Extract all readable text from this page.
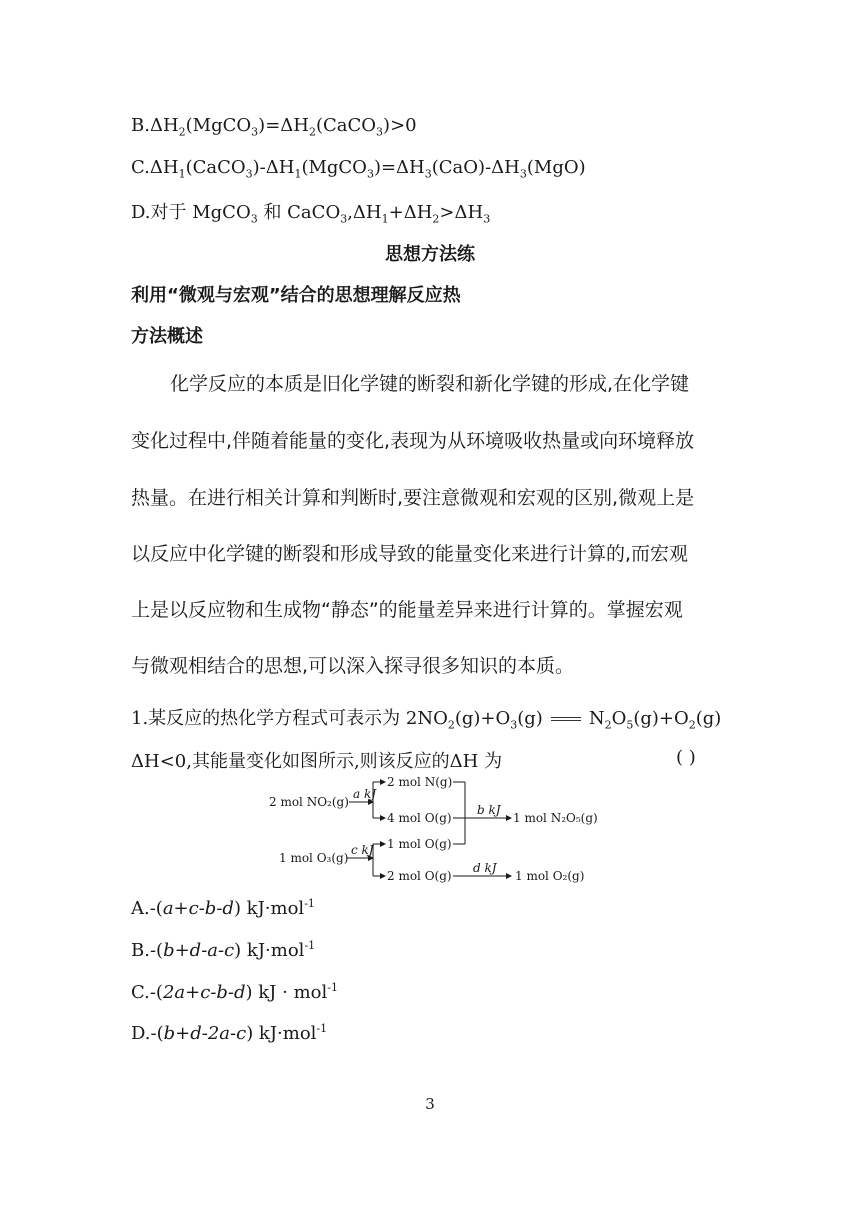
$B.\Delta H_2(MgCO_3)=\Delta H_2(CaCO_3)>0$
$C.\Delta H_1(CaCO_3)-\Delta H_1(MgCO_3)=\Delta H_3(CaO)-\Delta H_3(MgO)$
D.对于 MgCO$_3$ 和 $CaCO_3,\Delta H_1+\Delta H_2>\Delta H_3$
思想方法练
利用“微观与宏观”结合的思想理解反应热
方法概述
化学反应的本质是旧化学键的断裂和新化学键的形成,在化学键
变化过程中,伴随着能量的变化,表现为从环境吸收热量或向环境释放
热量。在进行相关计算和判断时,要注意微观和宏观的区别,微观上是
以反应中化学键的断裂和形成导致的能量变化来进行计算的,而宏观
上是以反应物和生成物“静态”的能量差异来进行计算的。掌握宏观
与微观相结合的思想,可以深入探寻很多知识的本质。
1.某反应的热化学方程式可表示为 $2NO_2(g)+O_3(g)$	$N_2O_5(g)+O_2(g)$
ΔH<0,其能量变化如图所示,则该反应的ΔH 为	( )
2 mol NO₂(g)
1 mol O₃(g)
a kJ
c kJ
2 mol N(g)
4 mol O(g)
1 mol O(g)
2 mol O(g)
b kJ
d kJ
1 mol N₂O₅(g)
1 mol O₂(g)
A.-(a+c-b-d) kJ·mol$^{-1}$
B.-(b+d-a-c) kJ·mol$^{-1}$
C.-(2a+c-b-d) kJ · mol$^{-1}$
D.-(b+d-2a-c) kJ·mol$^{-1}$
3
